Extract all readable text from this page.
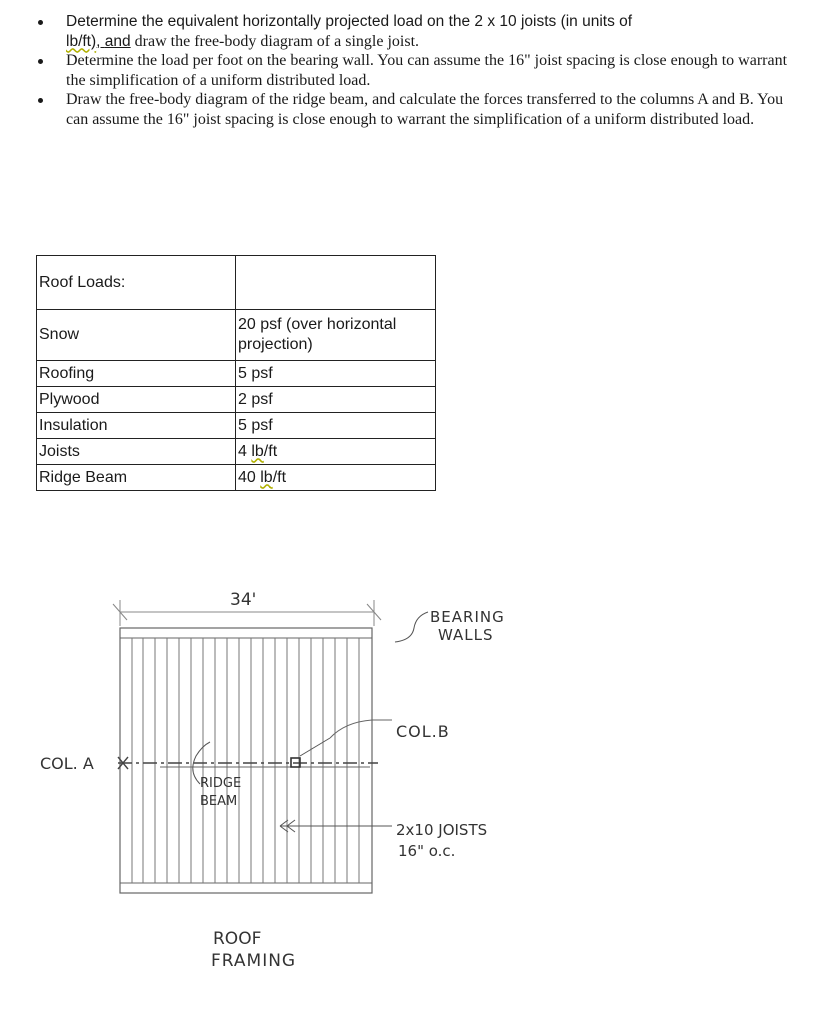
Determine the equivalent horizontally projected load on the 2 x 10 joists (in units of
lb/ft), and draw the free-body diagram of a single joist.

Determine the load per foot on the bearing wall. You can assume the 16" joist spacing is close enough to warrant the simplification of a uniform distributed load.

Draw the free-body diagram of the ridge beam, and calculate the forces transferred to the columns A and B. You can assume the 16" joist spacing is close enough to warrant the simplification of a uniform distributed load.

Roof Loads:	
Snow	20 psf (over horizontal projection)
Roofing	5 psf
Plywood	2 psf
Insulation	5 psf
Joists	4 lb/ft
Ridge Beam	40 lb/ft
34'
BEARING
WALLS
COL.B
COL. A
RIDGE
BEAM
2x10 JOISTS
16" o.c.
ROOF
FRAMING
